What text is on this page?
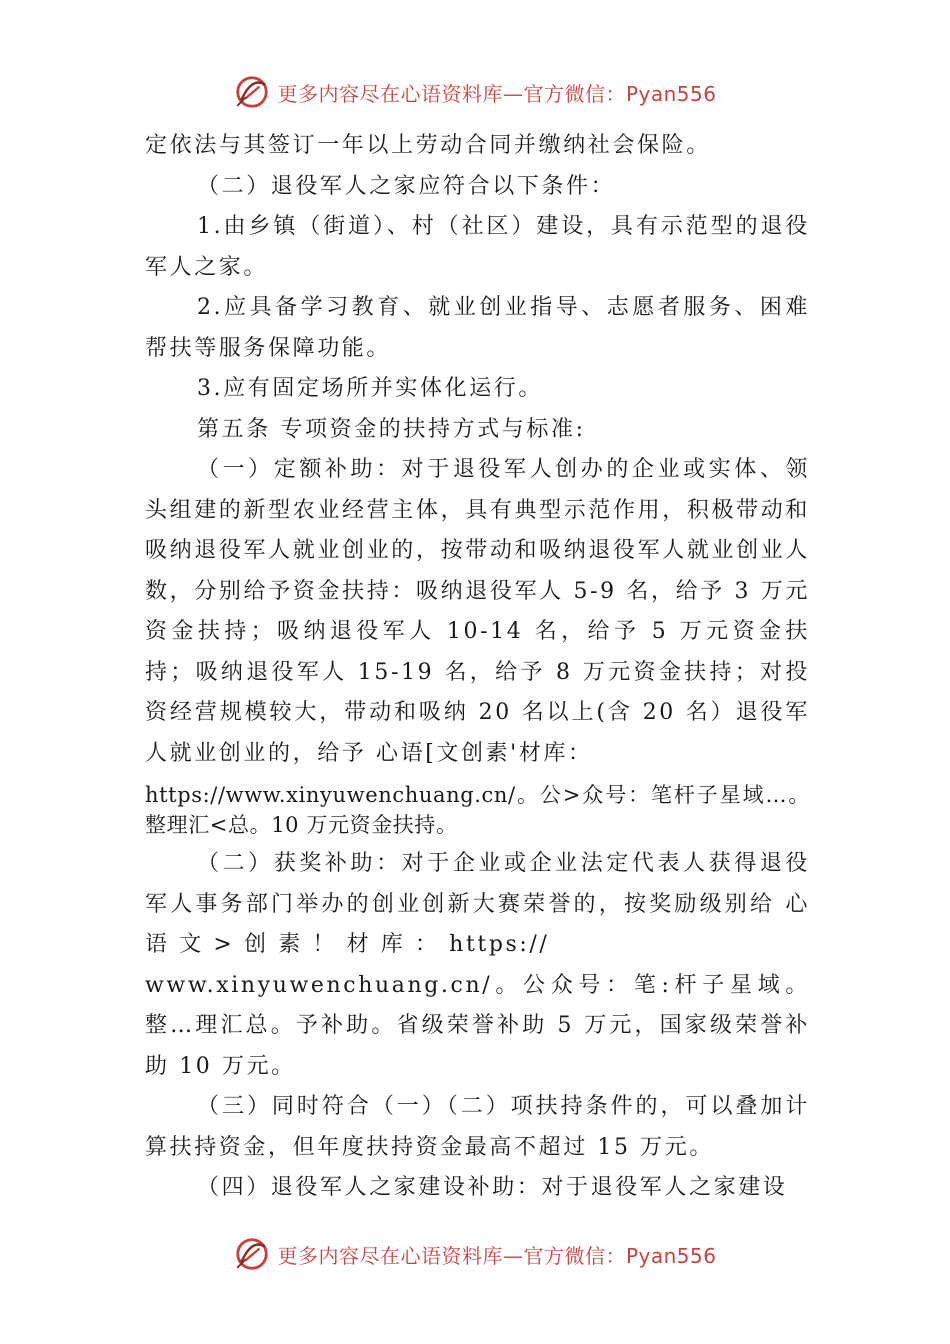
更多内容尽在心语资料库—官方微信：Pyan556

定依法与其签订一年以上劳动合同并缴纳社会保险。

（二）退役军人之家应符合以下条件：

1.由乡镇（街道）、村（社区）建设，具有示范型的退役军人之家。

2.应具备学习教育、就业创业指导、志愿者服务、困难帮扶等服务保障功能。

3.应有固定场所并实体化运行。

第五条 专项资金的扶持方式与标准:

（一）定额补助：对于退役军人创办的企业或实体、领头组建的新型农业经营主体，具有典型示范作用，积极带动和吸纳退役军人就业创业的，按带动和吸纳退役军人就业创业人数，分别给予资金扶持：吸纳退役军人 5-9 名，给予 3 万元资金扶持；吸纳退役军人 10-14 名，给予 5 万元资金扶持；吸纳退役军人 15-19 名，给予 8 万元资金扶持；对投资经营规模较大，带动和吸纳 20 名以上(含 20 名）退役军人就业创业的，给予 心语[文创素'材库：

https://www.xinyuwenchuang.cn/。公>众号：笔杆子星域…。整理汇<总。10 万元资金扶持。

（二）获奖补助：对于企业或企业法定代表人获得退役军人事务部门举办的创业创新大赛荣誉的，按奖励级别给 心 语 文 > 创 素 ！ 材 库 ： https://

www.xinyuwenchuang.cn/。公众号：笔:杆子星域。整…理汇总。予补助。省级荣誉补助 5 万元，国家级荣誉补助 10 万元。

（三）同时符合（一）（二）项扶持条件的，可以叠加计算扶持资金，但年度扶持资金最高不超过 15 万元。

（四）退役军人之家建设补助：对于退役军人之家建设

更多内容尽在心语资料库—官方微信：Pyan556
